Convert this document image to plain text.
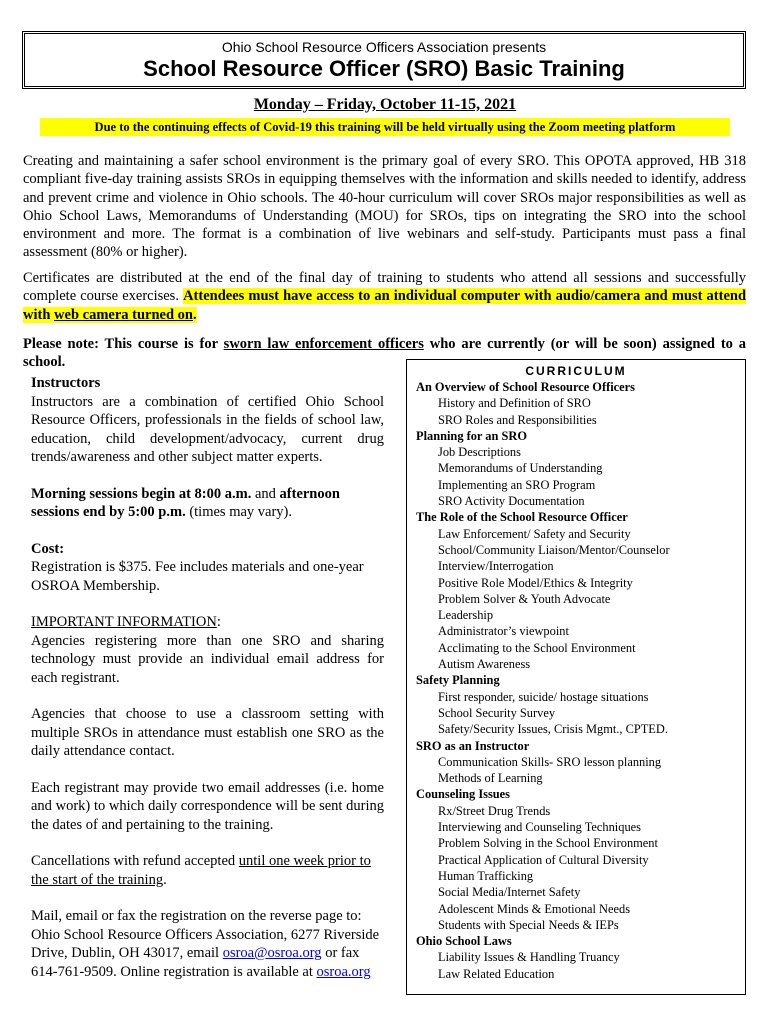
Ohio School Resource Officers Association presents
School Resource Officer (SRO) Basic Training
Monday – Friday, October 11-15, 2021
Due to the continuing effects of Covid-19 this training will be held virtually using the Zoom meeting platform
Creating and maintaining a safer school environment is the primary goal of every SRO. This OPOTA approved, HB 318 compliant five-day training assists SROs in equipping themselves with the information and skills needed to identify, address and prevent crime and violence in Ohio schools. The 40-hour curriculum will cover SROs major responsibilities as well as Ohio School Laws, Memorandums of Understanding (MOU) for SROs, tips on integrating the SRO into the school environment and more. The format is a combination of live webinars and self-study. Participants must pass a final assessment (80% or higher).
Certificates are distributed at the end of the final day of training to students who attend all sessions and successfully complete course exercises. Attendees must have access to an individual computer with audio/camera and must attend with web camera turned on.
Please note: This course is for sworn law enforcement officers who are currently (or will be soon) assigned to a school.

Instructors
Instructors are a combination of certified Ohio School Resource Officers, professionals in the fields of school law, education, child development/advocacy, current drug trends/awareness and other subject matter experts.

Morning sessions begin at 8:00 a.m. and afternoon sessions end by 5:00 p.m. (times may vary).

Cost:
Registration is $375. Fee includes materials and one-year OSROA Membership.

IMPORTANT INFORMATION:
Agencies registering more than one SRO and sharing technology must provide an individual email address for each registrant.

Agencies that choose to use a classroom setting with multiple SROs in attendance must establish one SRO as the daily attendance contact.

Each registrant may provide two email addresses (i.e. home and work) to which daily correspondence will be sent during the dates of and pertaining to the training.

Cancellations with refund accepted until one week prior to the start of the training.

Mail, email or fax the registration on the reverse page to: Ohio School Resource Officers Association, 6277 Riverside Drive, Dublin, OH 43017, email osroa@osroa.org or fax 614-761-9509. Online registration is available at osroa.org

CURRICULUM
An Overview of School Resource Officers
History and Definition of SRO
SRO Roles and Responsibilities
Planning for an SRO
Job Descriptions
Memorandums of Understanding
Implementing an SRO Program
SRO Activity Documentation
The Role of the School Resource Officer
Law Enforcement/ Safety and Security
School/Community Liaison/Mentor/Counselor
Interview/Interrogation
Positive Role Model/Ethics & Integrity
Problem Solver & Youth Advocate
Leadership
Administrator’s viewpoint
Acclimating to the School Environment
Autism Awareness
Safety Planning
First responder, suicide/ hostage situations
School Security Survey
Safety/Security Issues, Crisis Mgmt., CPTED.
SRO as an Instructor
Communication Skills- SRO lesson planning
Methods of Learning
Counseling Issues
Rx/Street Drug Trends
Interviewing and Counseling Techniques
Problem Solving in the School Environment
Practical Application of Cultural Diversity
Human Trafficking
Social Media/Internet Safety
Adolescent Minds & Emotional Needs
Students with Special Needs & IEPs
Ohio School Laws
Liability Issues & Handling Truancy
Law Related Education
